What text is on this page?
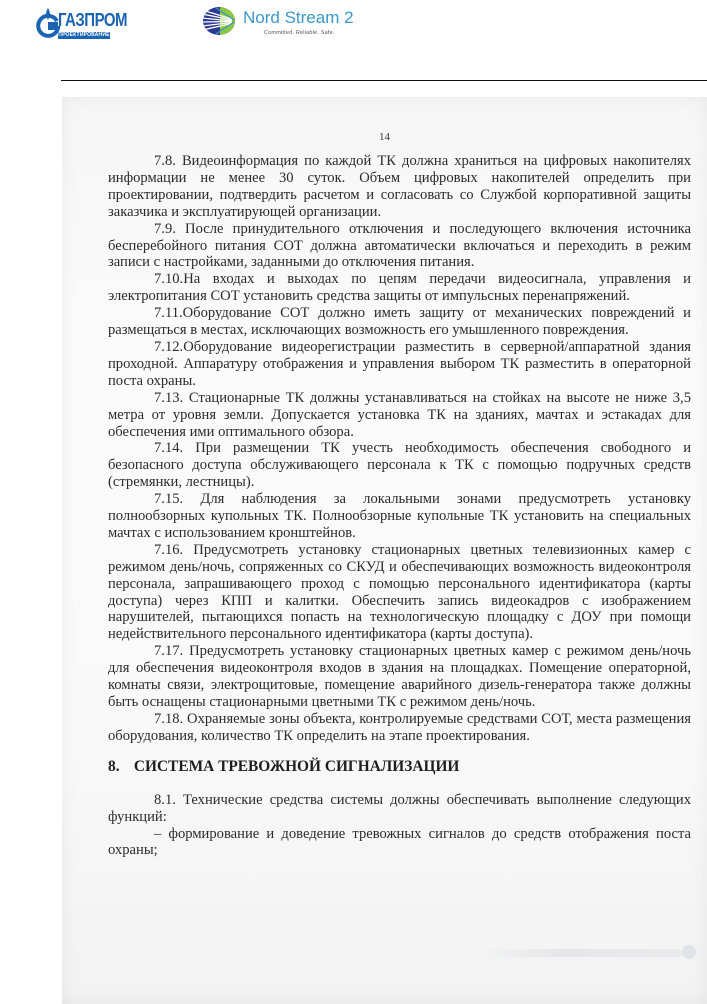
ГАЗПРОМ
ПРОЕКТИРОВАНИЕ
Nord Stream 2
Committed. Reliable. Safe.
14

7.8. Видеоинформация по каждой ТК должна храниться на цифровых накопителях информации не менее 30 суток. Объем цифровых накопителей определить при проектировании, подтвердить расчетом и согласовать со Службой корпоративной защиты заказчика и эксплуатирующей организации.

7.9. После принудительного отключения и последующего включения источника бесперебойного питания СОТ должна автоматически включаться и переходить в режим записи с настройками, заданными до отключения питания.

7.10.На входах и выходах по цепям передачи видеосигнала, управления и электропитания СОТ установить средства защиты от импульсных перенапряжений.

7.11.Оборудование СОТ должно иметь защиту от механических повреждений и размещаться в местах, исключающих возможность его умышленного повреждения.

7.12.Оборудование видеорегистрации разместить в серверной/аппаратной здания проходной. Аппаратуру отображения и управления выбором ТК разместить в операторной поста охраны.

7.13. Стационарные ТК должны устанавливаться на стойках на высоте не ниже 3,5 метра от уровня земли. Допускается установка ТК на зданиях, мачтах и эстакадах для обеспечения ими оптимального обзора.

7.14. При размещении ТК учесть необходимость обеспечения свободного и безопасного доступа обслуживающего персонала к ТК с помощью подручных средств (стремянки, лестницы).

7.15. Для наблюдения за локальными зонами предусмотреть установку полнообзорных купольных ТК. Полнообзорные купольные ТК установить на специальных мачтах с использованием кронштейнов.

7.16. Предусмотреть установку стационарных цветных телевизионных камер с режимом день/ночь, сопряженных со СКУД и обеспечивающих возможность видеоконтроля персонала, запрашивающего проход с помощью персонального идентификатора (карты доступа) через КПП и калитки. Обеспечить запись видеокадров с изображением нарушителей, пытающихся попасть на технологическую площадку с ДОУ при помощи недействительного персонального идентификатора (карты доступа).

7.17. Предусмотреть установку стационарных цветных камер с режимом день/ночь для обеспечения видеоконтроля входов в здания на площадках. Помещение операторной, комнаты связи, электрощитовые, помещение аварийного дизель-генератора также должны быть оснащены стационарными цветными ТК с режимом день/ночь.

7.18. Охраняемые зоны объекта, контролируемые средствами СОТ, места размещения оборудования, количество ТК определить на этапе проектирования.

8. СИСТЕМА ТРЕВОЖНОЙ СИГНАЛИЗАЦИИ

8.1. Технические средства системы должны обеспечивать выполнение следующих функций:

– формирование и доведение тревожных сигналов до средств отображения поста охраны;
